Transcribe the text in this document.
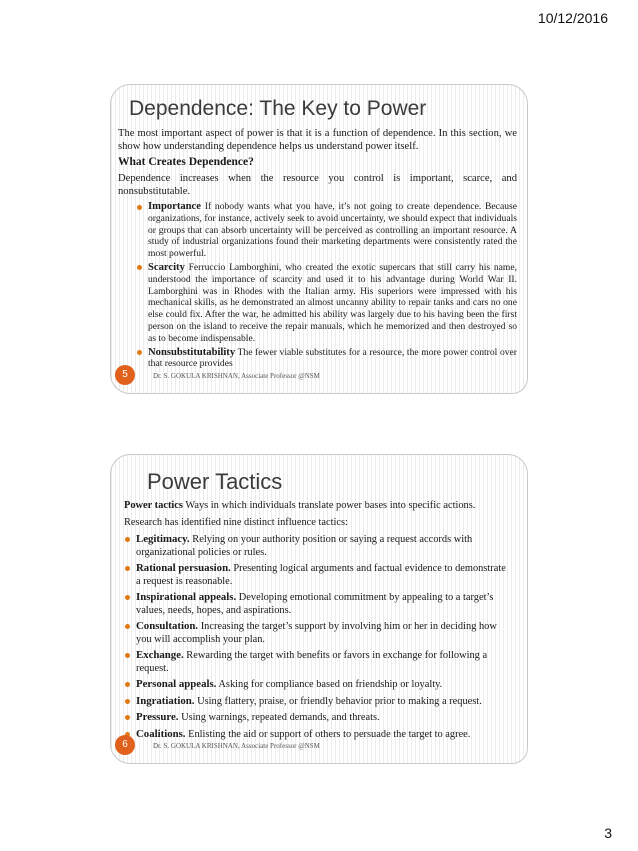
10/12/2016
Dependence: The Key to Power

The most important aspect of power is that it is a function of dependence. In this section, we show how understanding dependence helps us understand power itself.

What Creates Dependence?

Dependence increases when the resource you control is important, scarce, and nonsubstitutable.

Importance If nobody wants what you have, it’s not going to create dependence. Because organizations, for instance, actively seek to avoid uncertainty, we should expect that individuals or groups that can absorb uncertainty will be perceived as controlling an important resource. A study of industrial organizations found their marketing departments were consistently rated the most powerful.
Scarcity Ferruccio Lamborghini, who created the exotic supercars that still carry his name, understood the importance of scarcity and used it to his advantage during World War II. Lamborghini was in Rhodes with the Italian army. His superiors were impressed with his mechanical skills, as he demonstrated an almost uncanny ability to repair tanks and cars no one else could fix. After the war, he admitted his ability was largely due to his having been the first person on the island to receive the repair manuals, which he memorized and then destroyed so as to become indispensable.
Nonsubstitutability The fewer viable substitutes for a resource, the more power control over that resource provides
5	Dr. S. GOKULA KRISHNAN, Associate Professor @NSM
Power Tactics

Power tactics Ways in which individuals translate power bases into specific actions.

Research has identified nine distinct influence tactics:

Legitimacy. Relying on your authority position or saying a request accords with organizational policies or rules.
Rational persuasion. Presenting logical arguments and factual evidence to demonstrate a request is reasonable.
Inspirational appeals. Developing emotional commitment by appealing to a target’s values, needs, hopes, and aspirations.
Consultation. Increasing the target’s support by involving him or her in deciding how you will accomplish your plan.
Exchange. Rewarding the target with benefits or favors in exchange for following a request.
Personal appeals. Asking for compliance based on friendship or loyalty.
Ingratiation. Using flattery, praise, or friendly behavior prior to making a request.
Pressure. Using warnings, repeated demands, and threats.
Coalitions. Enlisting the aid or support of others to persuade the target to agree.
6	Dr. S. GOKULA KRISHNAN, Associate Professor @NSM
3
